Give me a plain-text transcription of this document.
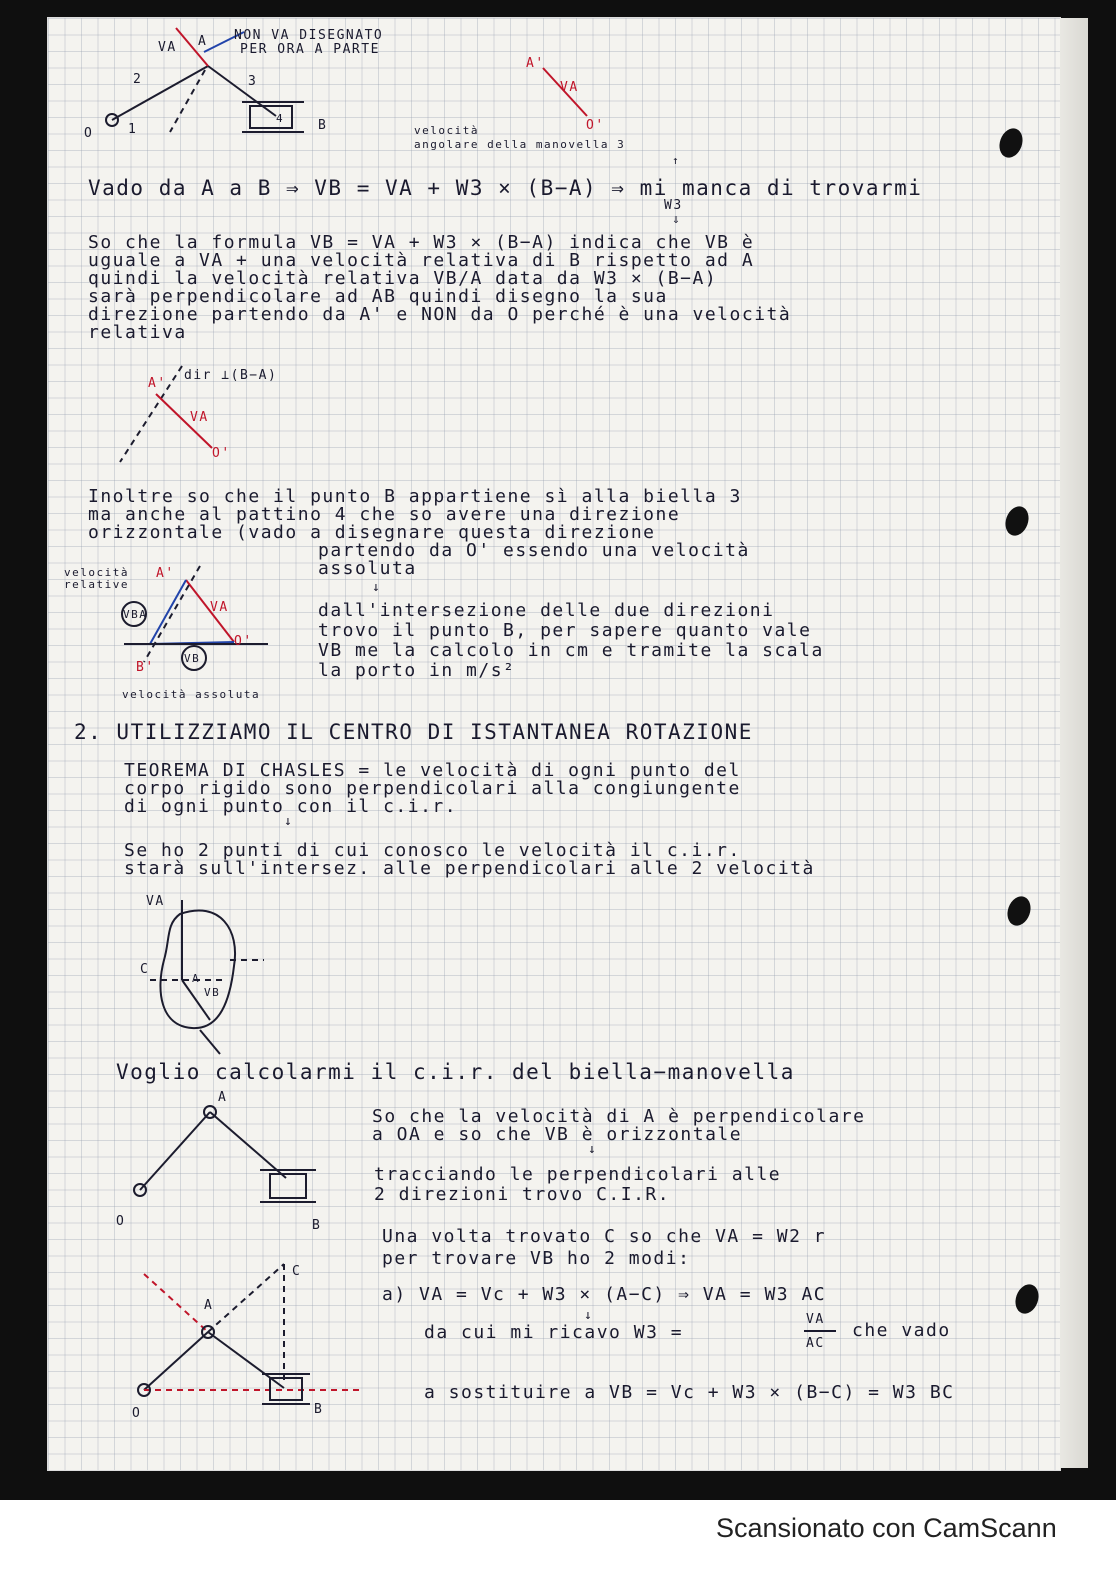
VA A NON VA DISEGNATO
PER ORA A PARTE
2	3
O	1
4	B
A'
VA
O'
velocità
angolare della manovella 3
↑
Vado da A a B ⇒ VB = VA + W3 × (B−A) ⇒ mi manca di trovarmi
W3
⇓
So che la formula VB = VA + W3 × (B−A) indica che VB è
uguale a VA + una velocità relativa di B rispetto ad A
quindi la velocità relativa VB/A data da W3 × (B−A)
sarà perpendicolare ad AB quindi disegno la sua
direzione partendo da A' e NON da O perché è una velocità
relativa
dir ⊥(B−A)
A'
VA
O'
Inoltre so che il punto B appartiene sì alla biella 3
ma anche al pattino 4 che so avere una direzione
orizzontale (vado a disegnare questa direzione
partendo da O' essendo una velocità
assoluta
velocità
relative
A'
VBA	VA
O'
B'
VB
velocità assoluta
↓
dall'intersezione delle due direzioni
trovo il punto B, per sapere quanto vale
VB me la calcolo in cm e tramite la scala
la porto in m/s²
2. UTILIZZIAMO IL CENTRO DI ISTANTANEA ROTAZIONE
TEOREMA DI CHASLES = le velocità di ogni punto del
corpo rigido sono perpendicolari alla congiungente
di ogni punto con il c.i.r.
↓
Se ho 2 punti di cui conosco le velocità il c.i.r.
starà sull'intersez. alle perpendicolari alle 2 velocità
VA
C
A
VB
Voglio calcolarmi il c.i.r. del biella−manovella
A
O	B
So che la velocità di A è perpendicolare
a OA e so che VB è orizzontale
↓
tracciando le perpendicolari alle
2 direzioni trovo C.I.R.
Una volta trovato C so che VA = W2 r
per trovare VB ho 2 modi:
a) VA = Vc + W3 × (A−C) ⇒ VA = W3 AC
↓
da cui mi ricavo W3 =
VA
AC
che vado
a sostituire a VB = Vc + W3 × (B−C) = W3 BC
C
A
O	B
Scansionato con CamScann
